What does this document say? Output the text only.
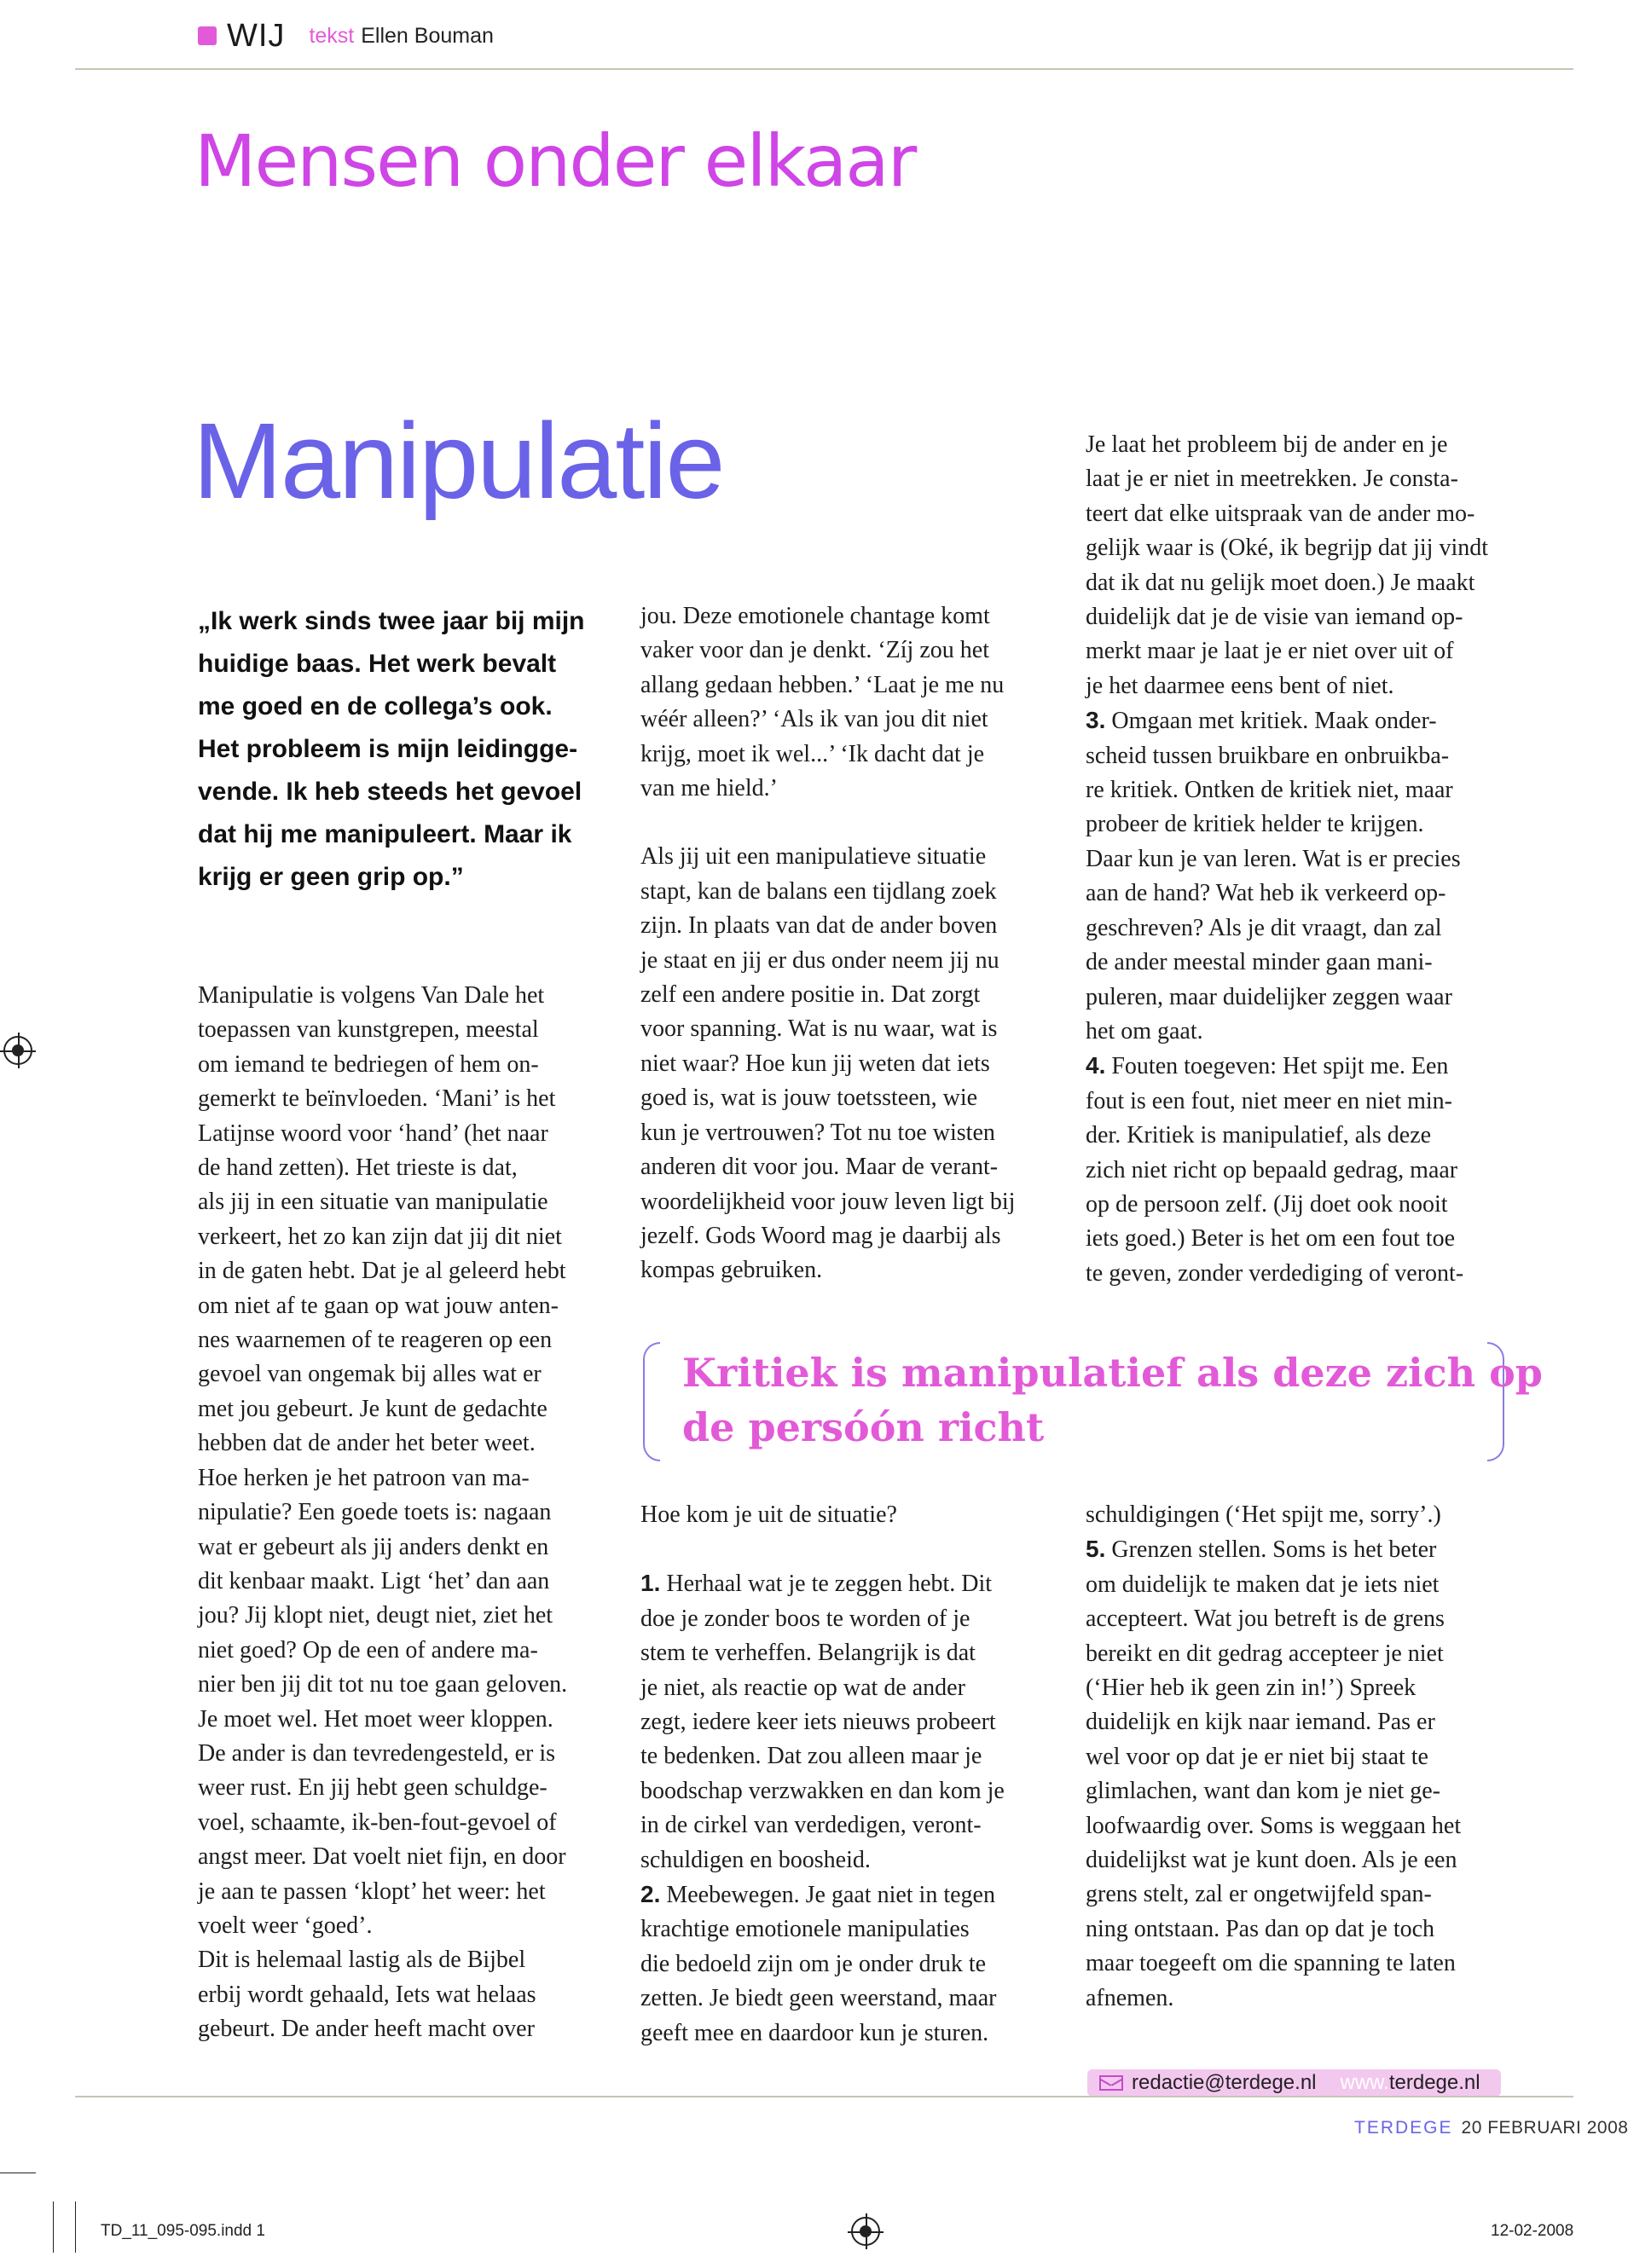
WIJ tekst Ellen Bouman
Mensen onder elkaar
Manipulatie
„Ik werk sinds twee jaar bij mijn
huidige baas. Het werk bevalt
me goed en de collega’s ook.
Het probleem is mijn leidingge-
vende. Ik heb steeds het gevoel
dat hij me manipuleert. Maar ik
krijg er geen grip op.”
Manipulatie is volgens Van Dale het
toepassen van kunstgrepen, meestal
om iemand te bedriegen of hem on-
gemerkt te beïnvloeden. ‘Mani’ is het
Latijnse woord voor ‘hand’ (het naar
de hand zetten). Het trieste is dat,
als jij in een situatie van manipulatie
verkeert, het zo kan zijn dat jij dit niet
in de gaten hebt. Dat je al geleerd hebt
om niet af te gaan op wat jouw anten-
nes waarnemen of te reageren op een
gevoel van ongemak bij alles wat er
met jou gebeurt. Je kunt de gedachte
hebben dat de ander het beter weet.
Hoe herken je het patroon van ma-
nipulatie? Een goede toets is: nagaan
wat er gebeurt als jij anders denkt en
dit kenbaar maakt. Ligt ‘het’ dan aan
jou? Jij klopt niet, deugt niet, ziet het
niet goed? Op de een of andere ma-
nier ben jij dit tot nu toe gaan geloven.
Je moet wel. Het moet weer kloppen.
De ander is dan tevredengesteld, er is
weer rust. En jij hebt geen schuldge-
voel, schaamte, ik-ben-fout-gevoel of
angst meer. Dat voelt niet fijn, en door
je aan te passen ‘klopt’ het weer: het
voelt weer ‘goed’.
Dit is helemaal lastig als de Bijbel
erbij wordt gehaald, Iets wat helaas
gebeurt. De ander heeft macht over
jou. Deze emotionele chantage komt
vaker voor dan je denkt. ‘Zíj zou het
allang gedaan hebben.’ ‘Laat je me nu
wéér alleen?’ ‘Als ik van jou dit niet
krijg, moet ik wel...’ ‘Ik dacht dat je
van me hield.’
Als jij uit een manipulatieve situatie
stapt, kan de balans een tijdlang zoek
zijn. In plaats van dat de ander boven
je staat en jij er dus onder neem jij nu
zelf een andere positie in. Dat zorgt
voor spanning. Wat is nu waar, wat is
niet waar? Hoe kun jij weten dat iets
goed is, wat is jouw toetssteen, wie
kun je vertrouwen? Tot nu toe wisten
anderen dit voor jou. Maar de verant-
woordelijkheid voor jouw leven ligt bij
jezelf. Gods Woord mag je daarbij als
kompas gebruiken.
Je laat het probleem bij de ander en je
laat je er niet in meetrekken. Je consta-
teert dat elke uitspraak van de ander mo-
gelijk waar is (Oké, ik begrijp dat jij vindt
dat ik dat nu gelijk moet doen.) Je maakt
duidelijk dat je de visie van iemand op-
merkt maar je laat je er niet over uit of
je het daarmee eens bent of niet.
3. Omgaan met kritiek. Maak onder-
scheid tussen bruikbare en onbruikba-
re kritiek. Ontken de kritiek niet, maar
probeer de kritiek helder te krijgen.
Daar kun je van leren. Wat is er precies
aan de hand? Wat heb ik verkeerd op-
geschreven? Als je dit vraagt, dan zal
de ander meestal minder gaan mani-
puleren, maar duidelijker zeggen waar
het om gaat.
4. Fouten toegeven: Het spijt me. Een
fout is een fout, niet meer en niet min-
der. Kritiek is manipulatief, als deze
zich niet richt op bepaald gedrag, maar
op de persoon zelf. (Jij doet ook nooit
iets goed.) Beter is het om een fout toe
te geven, zonder verdediging of veront-
Kritiek is manipulatief als deze zich op
de persóón richt
Hoe kom je uit de situatie?
1. Herhaal wat je te zeggen hebt. Dit
doe je zonder boos te worden of je
stem te verheffen. Belangrijk is dat
je niet, als reactie op wat de ander
zegt, iedere keer iets nieuws probeert
te bedenken. Dat zou alleen maar je
boodschap verzwakken en dan kom je
in de cirkel van verdedigen, veront-
schuldigen en boosheid.
2. Meebewegen. Je gaat niet in tegen
krachtige emotionele manipulaties
die bedoeld zijn om je onder druk te
zetten. Je biedt geen weerstand, maar
geeft mee en daardoor kun je sturen.
schuldigingen (‘Het spijt me, sorry’.)
5. Grenzen stellen. Soms is het beter
om duidelijk te maken dat je iets niet
accepteert. Wat jou betreft is de grens
bereikt en dit gedrag accepteer je niet
(‘Hier heb ik geen zin in!’) Spreek
duidelijk en kijk naar iemand. Pas er
wel voor op dat je er niet bij staat te
glimlachen, want dan kom je niet ge-
loofwaardig over. Soms is weggaan het
duidelijkst wat je kunt doen. Als je een
grens stelt, zal er ongetwijfeld span-
ning ontstaan. Pas dan op dat je toch
maar toegeeft om die spanning te laten
afnemen.
redactie@terdege.nl www.terdege.nl
TERDEGE 20 FEBRUARI 2008
TD_11_095-095.indd 1	12-02-2008
